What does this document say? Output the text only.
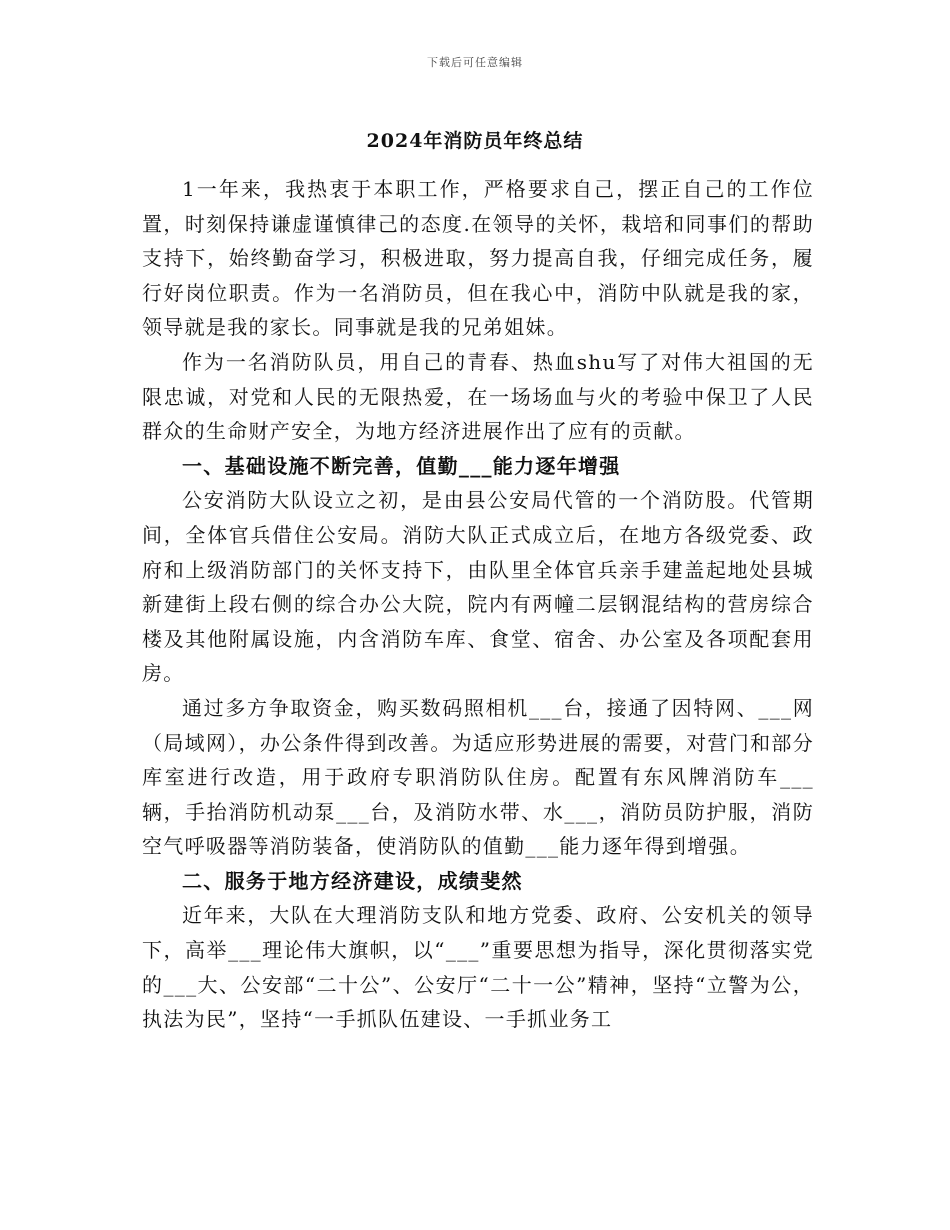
下载后可任意编辑
2024年消防员年终总结

1一年来，我热衷于本职工作，严格要求自己，摆正自己的工作位置，时刻保持谦虚谨慎律己的态度.在领导的关怀，栽培和同事们的帮助支持下，始终勤奋学习，积极进取，努力提高自我，仔细完成任务，履行好岗位职责。作为一名消防员，但在我心中，消防中队就是我的家，领导就是我的家长。同事就是我的兄弟姐妹。

作为一名消防队员，用自己的青春、热血shu写了对伟大祖国的无限忠诚，对党和人民的无限热爱，在一场场血与火的考验中保卫了人民群众的生命财产安全，为地方经济进展作出了应有的贡献。

一、基础设施不断完善，值勤___能力逐年增强

公安消防大队设立之初，是由县公安局代管的一个消防股。代管期间，全体官兵借住公安局。消防大队正式成立后，在地方各级党委、政府和上级消防部门的关怀支持下，由队里全体官兵亲手建盖起地处县城新建街上段右侧的综合办公大院，院内有两幢二层钢混结构的营房综合楼及其他附属设施，内含消防车库、食堂、宿舍、办公室及各项配套用房。

通过多方争取资金，购买数码照相机___台，接通了因特网、___网（局域网），办公条件得到改善。为适应形势进展的需要，对营门和部分库室进行改造，用于政府专职消防队住房。配置有东风牌消防车___辆，手抬消防机动泵___台，及消防水带、水___，消防员防护服，消防空气呼吸器等消防装备，使消防队的值勤___能力逐年得到增强。

二、服务于地方经济建设，成绩斐然

近年来，大队在大理消防支队和地方党委、政府、公安机关的领导下，高举___理论伟大旗帜，以“___”重要思想为指导，深化贯彻落实党的___大、公安部“二十公”、公安厅“二十一公”精神，坚持“立警为公，执法为民”，坚持“一手抓队伍建设、一手抓业务工
